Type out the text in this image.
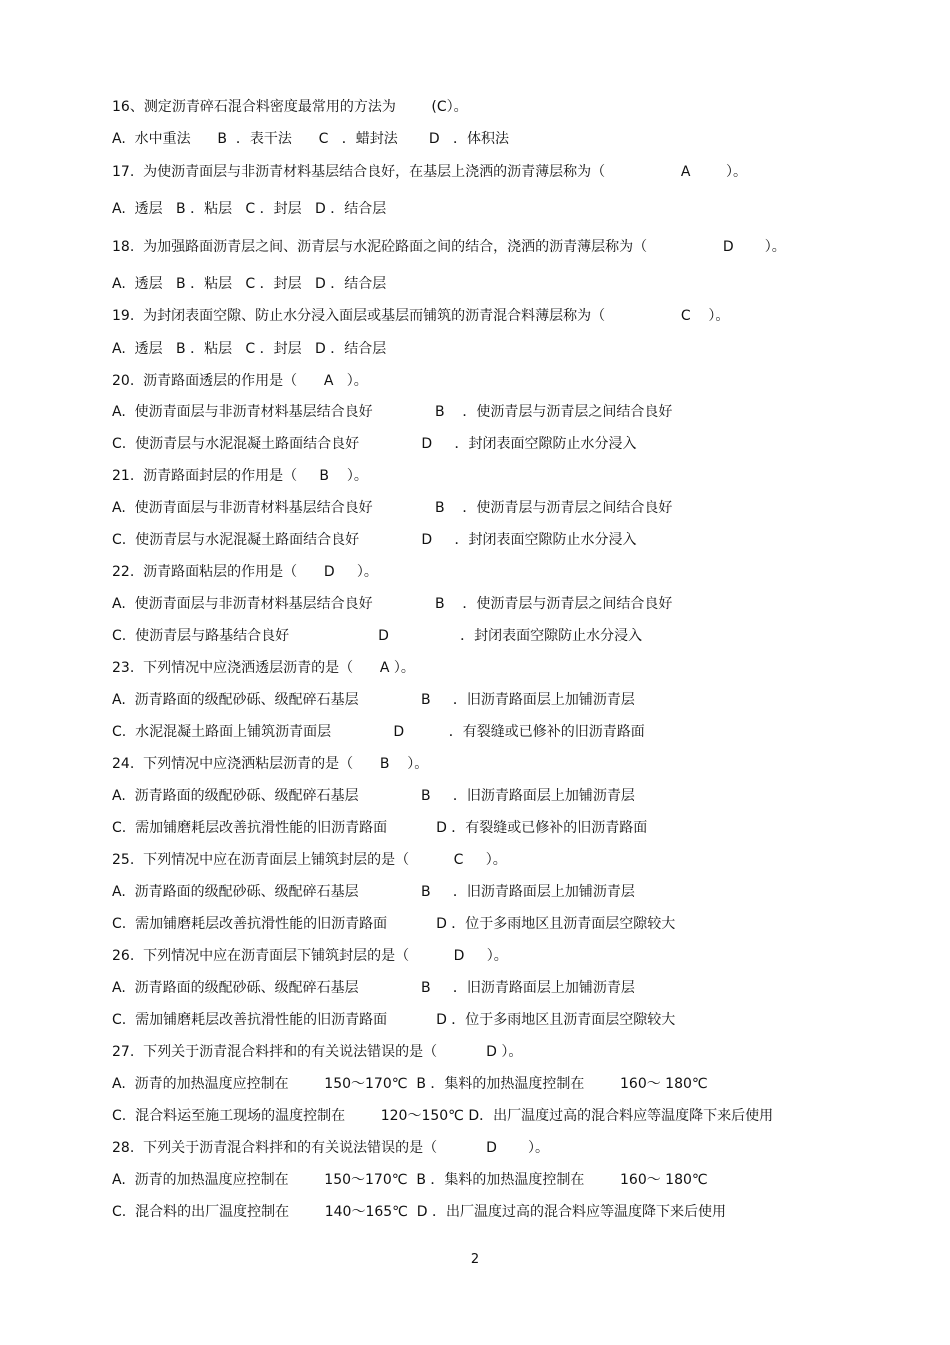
16、测定沥青碎石混合料密度最常用的方法为        (C）。
A.  水中重法      B  ．表干法      C   ．蜡封法       D   ．体积法
17.  为使沥青面层与非沥青材料基层结合良好，在基层上浇洒的沥青薄层称为（                 A        ）。
A.  透层   B ．粘层   C ．封层   D ．结合层
18.  为加强路面沥青层之间、沥青层与水泥砼路面之间的结合，浇洒的沥青薄层称为（                 D       ）。
A.  透层   B ．粘层   C ．封层   D ．结合层
19.  为封闭表面空隙、防止水分浸入面层或基层而铺筑的沥青混合料薄层称为（                 C    ）。
A.  透层   B ．粘层   C ．封层   D ．结合层
20.  沥青路面透层的作用是（      A   ）。
A.  使沥青面层与非沥青材料基层结合良好              B    ．使沥青层与沥青层之间结合良好
C.  使沥青层与水泥混凝土路面结合良好              D     ．封闭表面空隙防止水分浸入
21.  沥青路面封层的作用是（     B    ）。
A.  使沥青面层与非沥青材料基层结合良好              B    ．使沥青层与沥青层之间结合良好
C.  使沥青层与水泥混凝土路面结合良好              D     ．封闭表面空隙防止水分浸入
22.  沥青路面粘层的作用是（      D     ）。
A.  使沥青面层与非沥青材料基层结合良好              B    ．使沥青层与沥青层之间结合良好
C.  使沥青层与路基结合良好                    D                ．封闭表面空隙防止水分浸入
23.  下列情况中应浇洒透层沥青的是（      A ）。
A.  沥青路面的级配砂砾、级配碎石基层              B     ．旧沥青路面层上加铺沥青层
C.  水泥混凝土路面上铺筑沥青面层              D          ．有裂缝或已修补的旧沥青路面
24.  下列情况中应浇洒粘层沥青的是（      B    ）。
A.  沥青路面的级配砂砾、级配碎石基层              B     ．旧沥青路面层上加铺沥青层
C.  需加铺磨耗层改善抗滑性能的旧沥青路面           D ．有裂缝或已修补的旧沥青路面
25.  下列情况中应在沥青面层上铺筑封层的是（          C     ）。
A.  沥青路面的级配砂砾、级配碎石基层              B     ．旧沥青路面层上加铺沥青层
C.  需加铺磨耗层改善抗滑性能的旧沥青路面           D ．位于多雨地区且沥青面层空隙较大
26.  下列情况中应在沥青面层下铺筑封层的是（          D     ）。
A.  沥青路面的级配砂砾、级配碎石基层              B     ．旧沥青路面层上加铺沥青层
C.  需加铺磨耗层改善抗滑性能的旧沥青路面           D ．位于多雨地区且沥青面层空隙较大
27.  下列关于沥青混合料拌和的有关说法错误的是（           D ）。
A.  沥青的加热温度应控制在        150～170℃  B ．集料的加热温度控制在        160～ 180℃
C.  混合料运至施工现场的温度控制在        120～150℃ D．出厂温度过高的混合料应等温度降下来后使用
28.  下列关于沥青混合料拌和的有关说法错误的是（           D       ）。
A.  沥青的加热温度应控制在        150～170℃  B ．集料的加热温度控制在        160～ 180℃
C.  混合料的出厂温度控制在        140～165℃  D ．出厂温度过高的混合料应等温度降下来后使用
2
